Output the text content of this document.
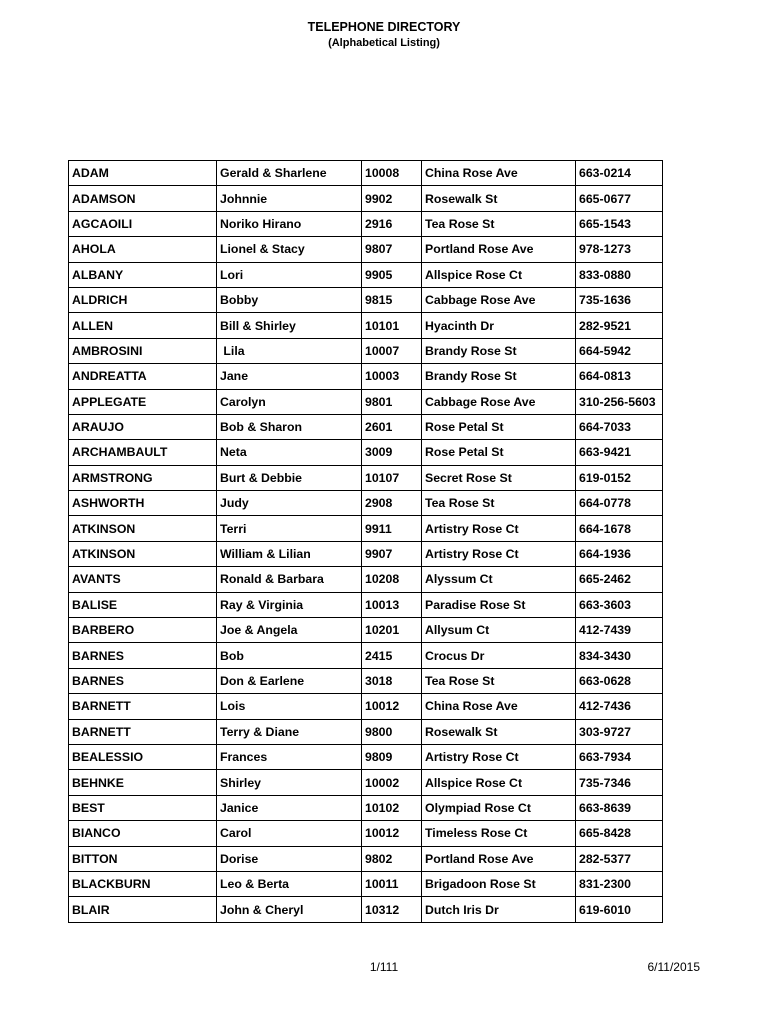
TELEPHONE DIRECTORY
(Alphabetical Listing)
ADAM	Gerald & Sharlene	10008	China Rose Ave	663-0214
ADAMSON	Johnnie	9902	Rosewalk St	665-0677
AGCAOILI	Noriko Hirano	2916	Tea Rose St	665-1543
AHOLA	Lionel & Stacy	9807	Portland Rose Ave	978-1273
ALBANY	Lori	9905	Allspice Rose Ct	833-0880
ALDRICH	Bobby	9815	Cabbage Rose Ave	735-1636
ALLEN	Bill & Shirley	10101	Hyacinth Dr	282-9521
AMBROSINI	Lila	10007	Brandy Rose St	664-5942
ANDREATTA	Jane	10003	Brandy Rose St	664-0813
APPLEGATE	Carolyn	9801	Cabbage Rose Ave	310-256-5603
ARAUJO	Bob & Sharon	2601	Rose Petal St	664-7033
ARCHAMBAULT	Neta	3009	Rose Petal St	663-9421
ARMSTRONG	Burt & Debbie	10107	Secret Rose St	619-0152
ASHWORTH	Judy	2908	Tea Rose St	664-0778
ATKINSON	Terri	9911	Artistry Rose Ct	664-1678
ATKINSON	William & Lilian	9907	Artistry Rose Ct	664-1936
AVANTS	Ronald & Barbara	10208	Alyssum Ct	665-2462
BALISE	Ray & Virginia	10013	Paradise Rose St	663-3603
BARBERO	Joe & Angela	10201	Allysum Ct	412-7439
BARNES	Bob	2415	Crocus Dr	834-3430
BARNES	Don & Earlene	3018	Tea Rose St	663-0628
BARNETT	Lois	10012	China Rose Ave	412-7436
BARNETT	Terry & Diane	9800	Rosewalk St	303-9727
BEALESSIO	Frances	9809	Artistry Rose Ct	663-7934
BEHNKE	Shirley	10002	Allspice Rose Ct	735-7346
BEST	Janice	10102	Olympiad Rose Ct	663-8639
BIANCO	Carol	10012	Timeless Rose Ct	665-8428
BITTON	Dorise	9802	Portland Rose Ave	282-5377
BLACKBURN	Leo & Berta	10011	Brigadoon Rose St	831-2300
BLAIR	John & Cheryl	10312	Dutch Iris Dr	619-6010
1/111	6/11/2015
